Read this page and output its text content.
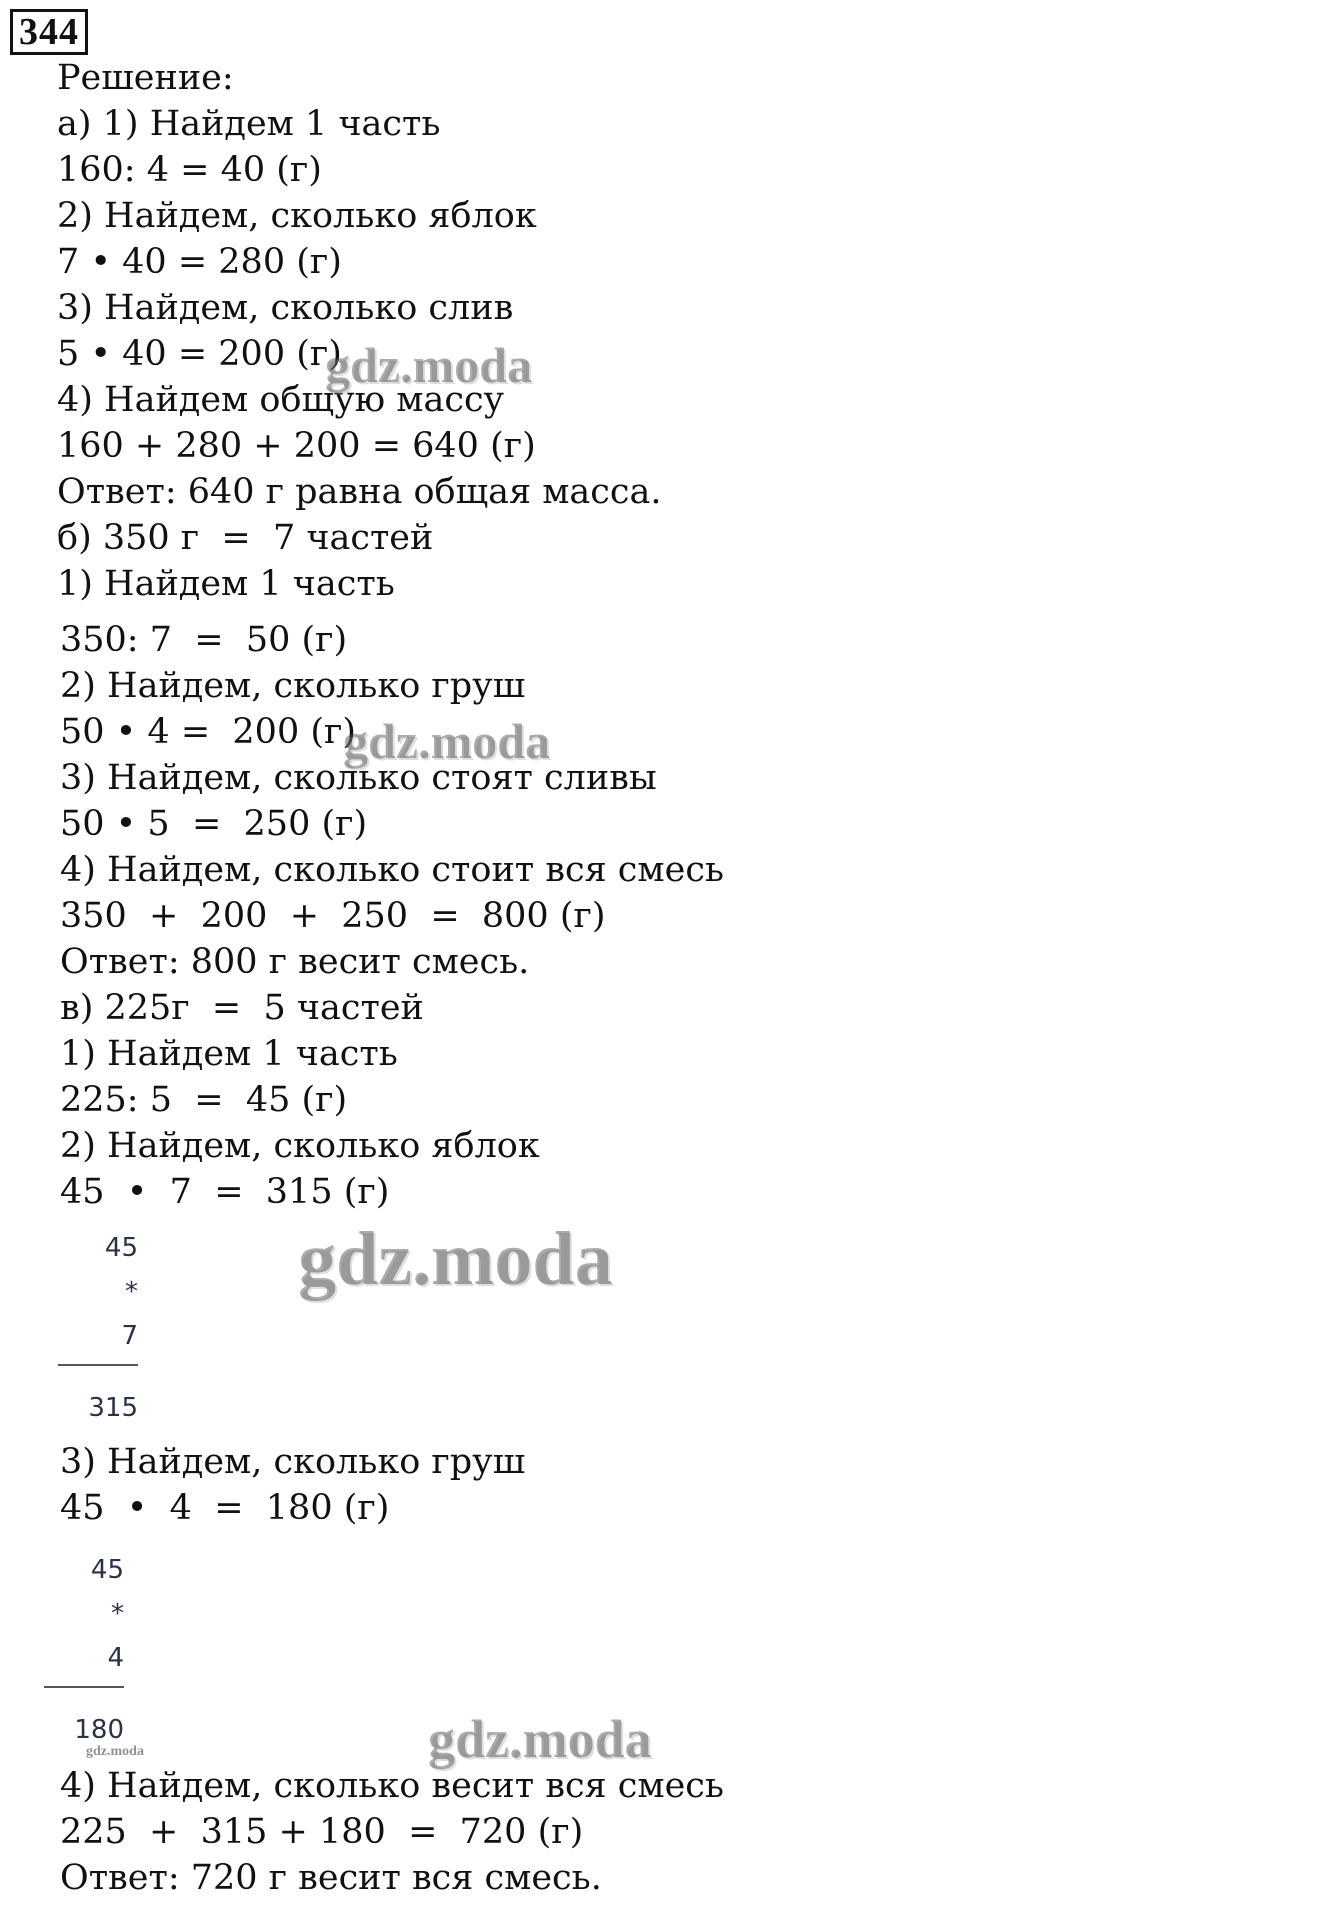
344
Решение:
а) 1) Найдем 1 часть
160: 4 = 40 (г)
2) Найдем, сколько яблок
7 • 40 = 280 (г)
3) Найдем, сколько слив
5 • 40 = 200 (г)
4) Найдем общую массу
160 + 280 + 200 = 640 (г)
Ответ: 640 г равна общая масса.
б) 350 г  =  7 частей
1) Найдем 1 часть
350: 7  =  50 (г)
2) Найдем, сколько груш
50 • 4 =  200 (г)
3) Найдем, сколько стоят сливы
50 • 5  =  250 (г)
4) Найдем, сколько стоит вся смесь
350  +  200  +  250  =  800 (г)
Ответ: 800 г весит смесь.
в) 225г  =  5 частей
1) Найдем 1 часть
225: 5  =  45 (г)
2) Найдем, сколько яблок
45  •  7  =  315 (г)
45
*
7
315
3) Найдем, сколько груш
45  •  4  =  180 (г)
45
*
4
180
4) Найдем, сколько весит вся смесь
225  +  315 + 180  =  720 (г)
Ответ: 720 г весит вся смесь.
gdz.moda
gdz.moda
gdz.moda
gdz.moda
gdz.moda
